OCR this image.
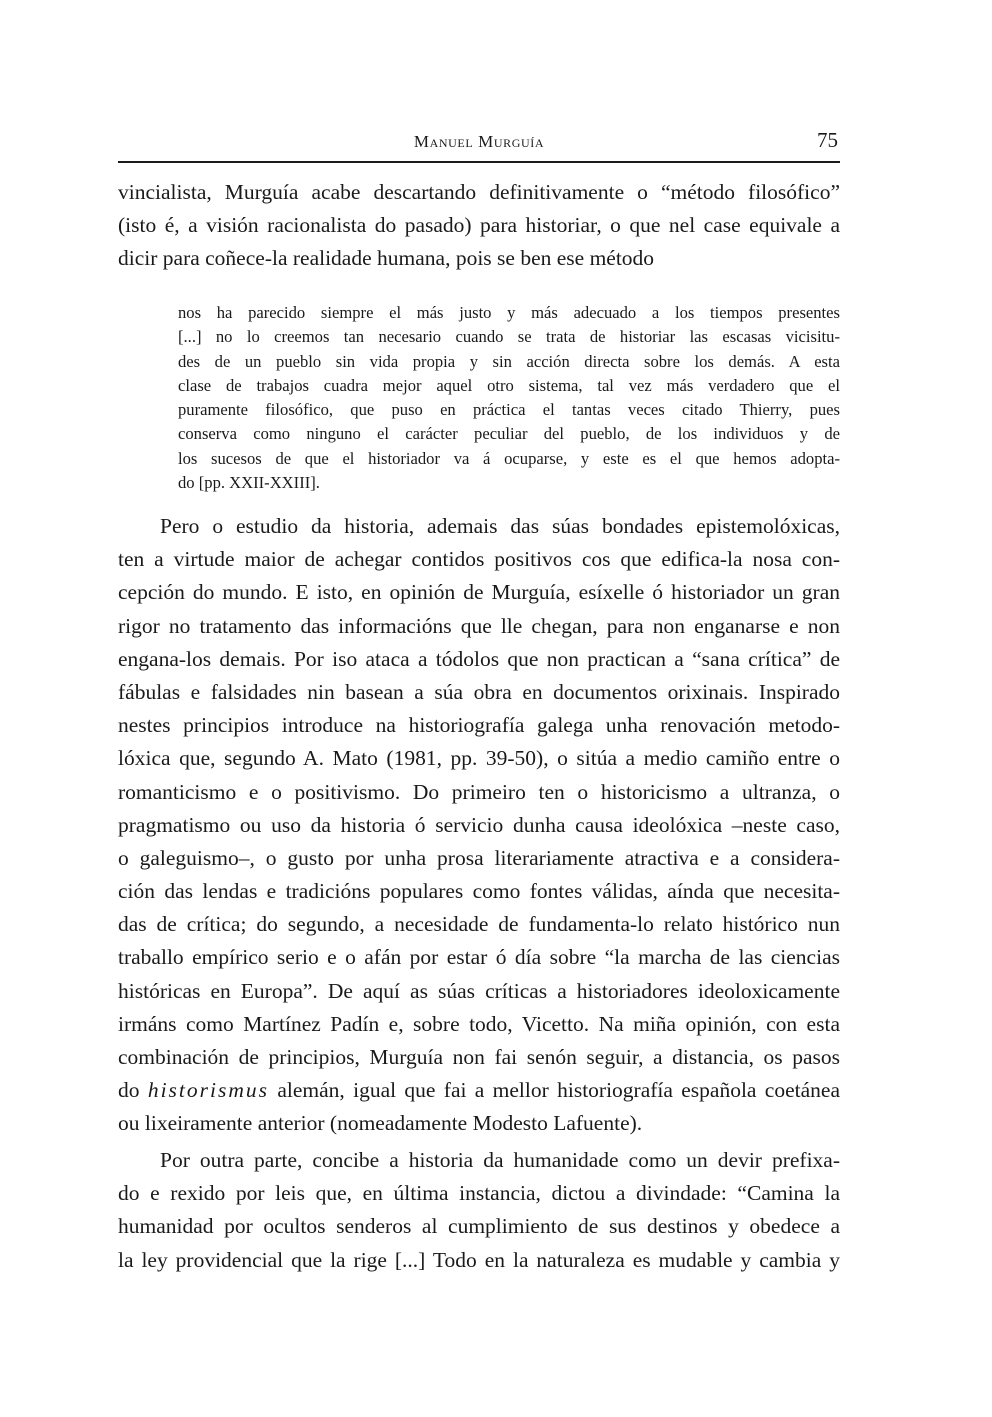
Manuel Murguía	75
vincialista, Murguía acabe descartando definitivamente o “método filosófico”
(isto é, a visión racionalista do pasado) para historiar, o que nel case equivale a
dicir para coñece-la realidade humana, pois se ben ese método
nos ha parecido siempre el más justo y más adecuado a los tiempos presentes
[...] no lo creemos tan necesario cuando se trata de historiar las escasas vicisitu-
des de un pueblo sin vida propia y sin acción directa sobre los demás. A esta
clase de trabajos cuadra mejor aquel otro sistema, tal vez más verdadero que el
puramente filosófico, que puso en práctica el tantas veces citado Thierry, pues
conserva como ninguno el carácter peculiar del pueblo, de los individuos y de
los sucesos de que el historiador va á ocuparse, y este es el que hemos adopta-
do [pp. XXII-XXIII].
Pero o estudio da historia, ademais das súas bondades epistemolóxicas,
ten a virtude maior de achegar contidos positivos cos que edifica-la nosa con-
cepción do mundo. E isto, en opinión de Murguía, esíxelle ó historiador un gran
rigor no tratamento das informacións que lle chegan, para non enganarse e non
engana-los demais. Por iso ataca a tódolos que non practican a “sana crítica” de
fábulas e falsidades nin basean a súa obra en documentos orixinais. Inspirado
nestes principios introduce na historiografía galega unha renovación metodo-
lóxica que, segundo A. Mato (1981, pp. 39-50), o sitúa a medio camiño entre o
romanticismo e o positivismo. Do primeiro ten o historicismo a ultranza, o
pragmatismo ou uso da historia ó servicio dunha causa ideolóxica –neste caso,
o galeguismo–, o gusto por unha prosa literariamente atractiva e a considera-
ción das lendas e tradicións populares como fontes válidas, aínda que necesita-
das de crítica; do segundo, a necesidade de fundamenta-lo relato histórico nun
traballo empírico serio e o afán por estar ó día sobre “la marcha de las ciencias
históricas en Europa”. De aquí as súas críticas a historiadores ideoloxicamente
irmáns como Martínez Padín e, sobre todo, Vicetto. Na miña opinión, con esta
combinación de principios, Murguía non fai senón seguir, a distancia, os pasos
do historismus alemán, igual que fai a mellor historiografía española coetánea
ou lixeiramente anterior (nomeadamente Modesto Lafuente).
Por outra parte, concibe a historia da humanidade como un devir prefixa-
do e rexido por leis que, en última instancia, dictou a divindade: “Camina la
humanidad por ocultos senderos al cumplimiento de sus destinos y obedece a
la ley providencial que la rige [...] Todo en la naturaleza es mudable y cambia y
